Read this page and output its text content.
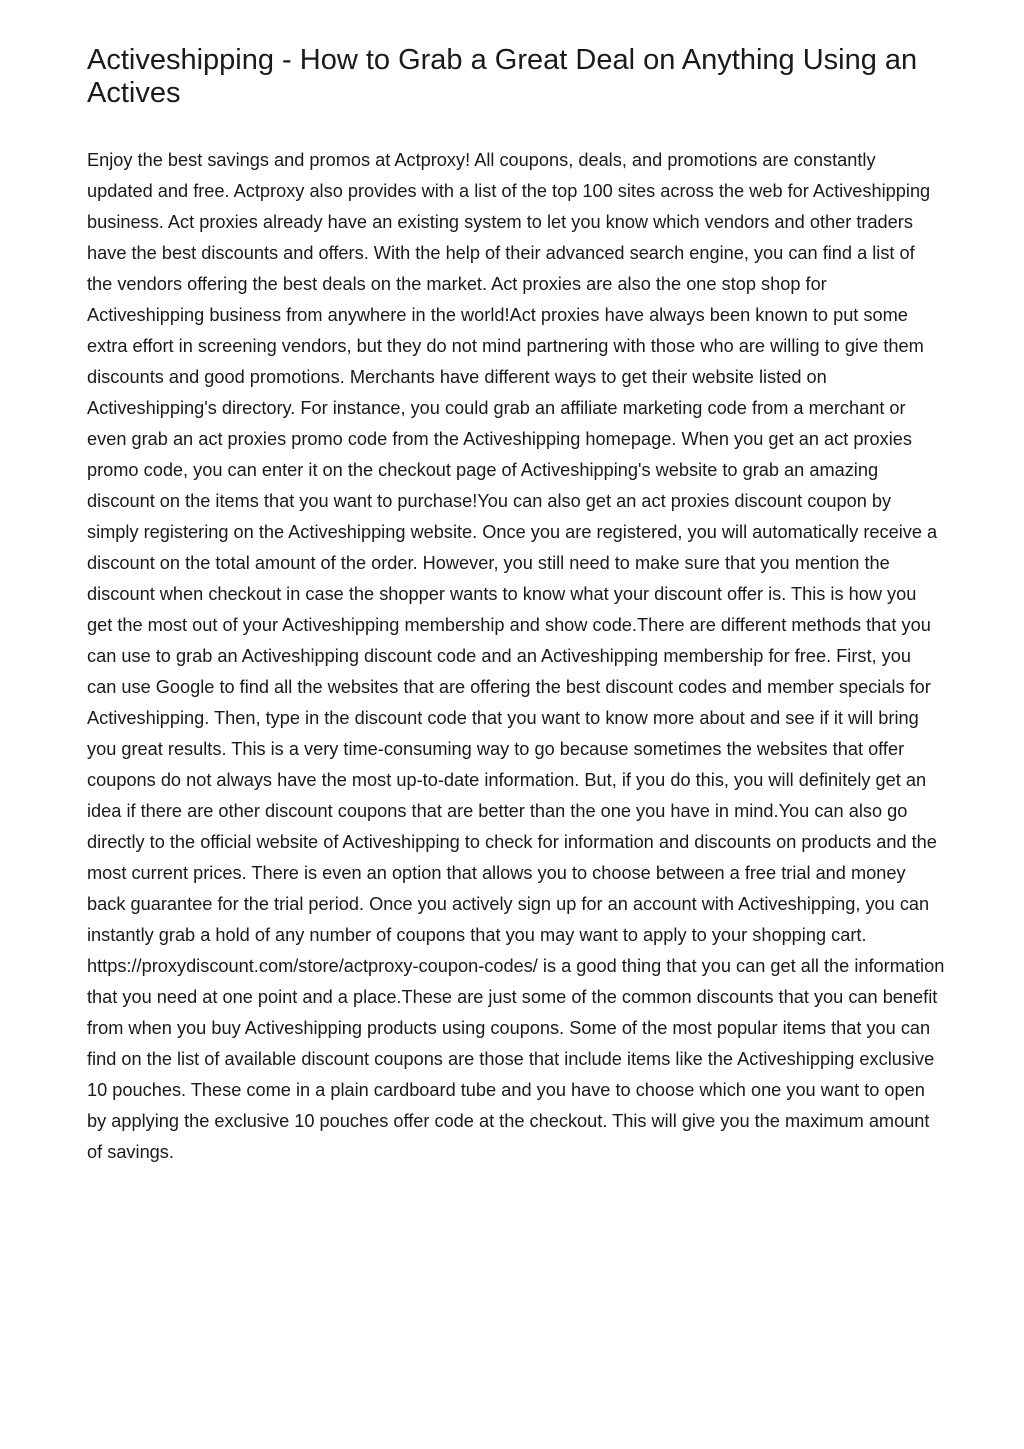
Activeshipping - How to Grab a Great Deal on Anything Using an Actives

Enjoy the best savings and promos at Actproxy! All coupons, deals, and promotions are constantly updated and free. Actproxy also provides with a list of the top 100 sites across the web for Activeshipping business. Act proxies already have an existing system to let you know which vendors and other traders have the best discounts and offers. With the help of their advanced search engine, you can find a list of the vendors offering the best deals on the market. Act proxies are also the one stop shop for Activeshipping business from anywhere in the world!Act proxies have always been known to put some extra effort in screening vendors, but they do not mind partnering with those who are willing to give them discounts and good promotions. Merchants have different ways to get their website listed on Activeshipping's directory. For instance, you could grab an affiliate marketing code from a merchant or even grab an act proxies promo code from the Activeshipping homepage. When you get an act proxies promo code, you can enter it on the checkout page of Activeshipping's website to grab an amazing discount on the items that you want to purchase!You can also get an act proxies discount coupon by simply registering on the Activeshipping website. Once you are registered, you will automatically receive a discount on the total amount of the order. However, you still need to make sure that you mention the discount when checkout in case the shopper wants to know what your discount offer is. This is how you get the most out of your Activeshipping membership and show code.There are different methods that you can use to grab an Activeshipping discount code and an Activeshipping membership for free. First, you can use Google to find all the websites that are offering the best discount codes and member specials for Activeshipping. Then, type in the discount code that you want to know more about and see if it will bring you great results. This is a very time-consuming way to go because sometimes the websites that offer coupons do not always have the most up-to-date information. But, if you do this, you will definitely get an idea if there are other discount coupons that are better than the one you have in mind.You can also go directly to the official website of Activeshipping to check for information and discounts on products and the most current prices. There is even an option that allows you to choose between a free trial and money back guarantee for the trial period. Once you actively sign up for an account with Activeshipping, you can instantly grab a hold of any number of coupons that you may want to apply to your shopping cart. https://proxydiscount.com/store/actproxy-coupon-codes/ is a good thing that you can get all the information that you need at one point and a place.These are just some of the common discounts that you can benefit from when you buy Activeshipping products using coupons. Some of the most popular items that you can find on the list of available discount coupons are those that include items like the Activeshipping exclusive 10 pouches. These come in a plain cardboard tube and you have to choose which one you want to open by applying the exclusive 10 pouches offer code at the checkout. This will give you the maximum amount of savings.
